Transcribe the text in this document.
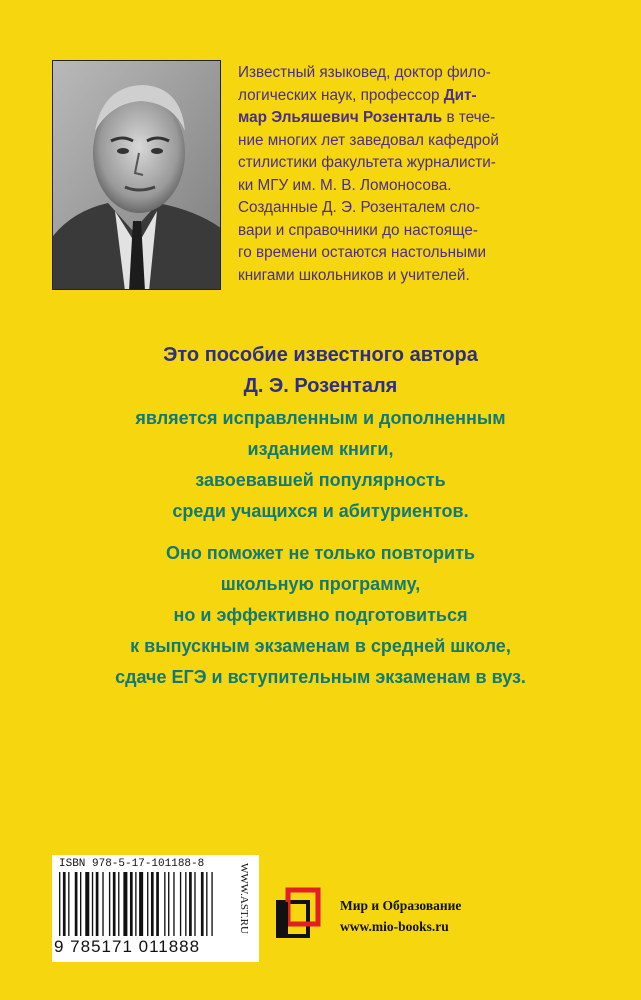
Известный языковед, доктор фило-
логических наук, профессор Дит-
мар Эльяшевич Розенталь в тече-
ние многих лет заведовал кафедрой
стилистики факультета журналисти-
ки МГУ им. М. В. Ломоносова.
Созданные Д. Э. Розенталем сло-
вари и справочники до настояще-
го времени остаются настольными
книгами школьников и учителей.

Это пособие известного автора
Д. Э. Розенталя
является исправленным и дополненным
изданием книги,
завоевавшей популярность
среди учащихся и абитуриентов.
Оно поможет не только повторить
школьную программу,
но и эффективно подготовиться
к выпускным экзаменам в средней школе,
сдаче ЕГЭ и вступительным экзаменам в вуз.
ISBN 978-5-17-101188-8
9 785171 011888
WWW.AST.RU	Мир и Образование
www.mio-books.ru
